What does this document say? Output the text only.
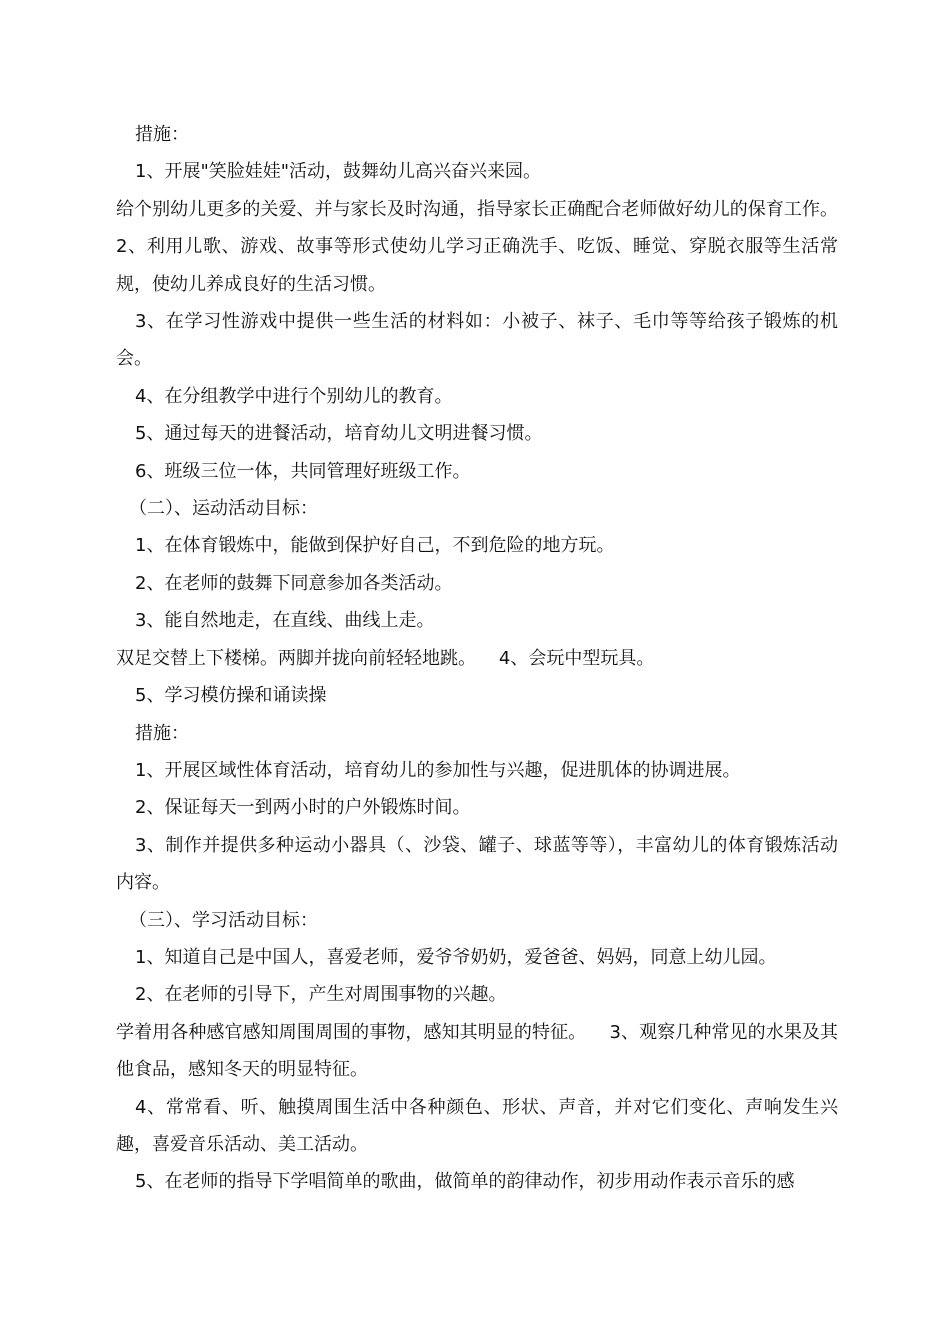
措施：

1、开展"笑脸娃娃"活动，鼓舞幼儿高兴奋兴来园。

给个别幼儿更多的关爱、并与家长及时沟通，指导家长正确配合老师做好幼儿的保育工作。    2、利用儿歌、游戏、故事等形式使幼儿学习正确洗手、吃饭、睡觉、穿脱衣服等生活常规，使幼儿养成良好的生活习惯。

3、在学习性游戏中提供一些生活的材料如：小被子、袜子、毛巾等等给孩子锻炼的机会。

4、在分组教学中进行个别幼儿的教育。

5、通过每天的进餐活动，培育幼儿文明进餐习惯。

6、班级三位一体，共同管理好班级工作。

（二）、运动活动目标：

1、在体育锻炼中，能做到保护好自己，不到危险的地方玩。

2、在老师的鼓舞下同意参加各类活动。

3、能自然地走，在直线、曲线上走。

双足交替上下楼梯。两脚并拢向前轻轻地跳。    4、会玩中型玩具。

5、学习模仿操和诵读操

措施：

1、开展区域性体育活动，培育幼儿的参加性与兴趣，促进肌体的协调进展。

2、保证每天一到两小时的户外锻炼时间。

3、制作并提供多种运动小器具（、沙袋、罐子、球蓝等等），丰富幼儿的体育锻炼活动内容。

（三）、学习活动目标：

1、知道自己是中国人，喜爱老师，爱爷爷奶奶，爱爸爸、妈妈，同意上幼儿园。

2、在老师的引导下，产生对周围事物的兴趣。

学着用各种感官感知周围周围的事物，感知其明显的特征。    3、观察几种常见的水果及其他食品，感知冬天的明显特征。

4、常常看、听、触摸周围生活中各种颜色、形状、声音，并对它们变化、声响发生兴趣，喜爱音乐活动、美工活动。

5、在老师的指导下学唱简单的歌曲，做简单的韵律动作，初步用动作表示音乐的感
